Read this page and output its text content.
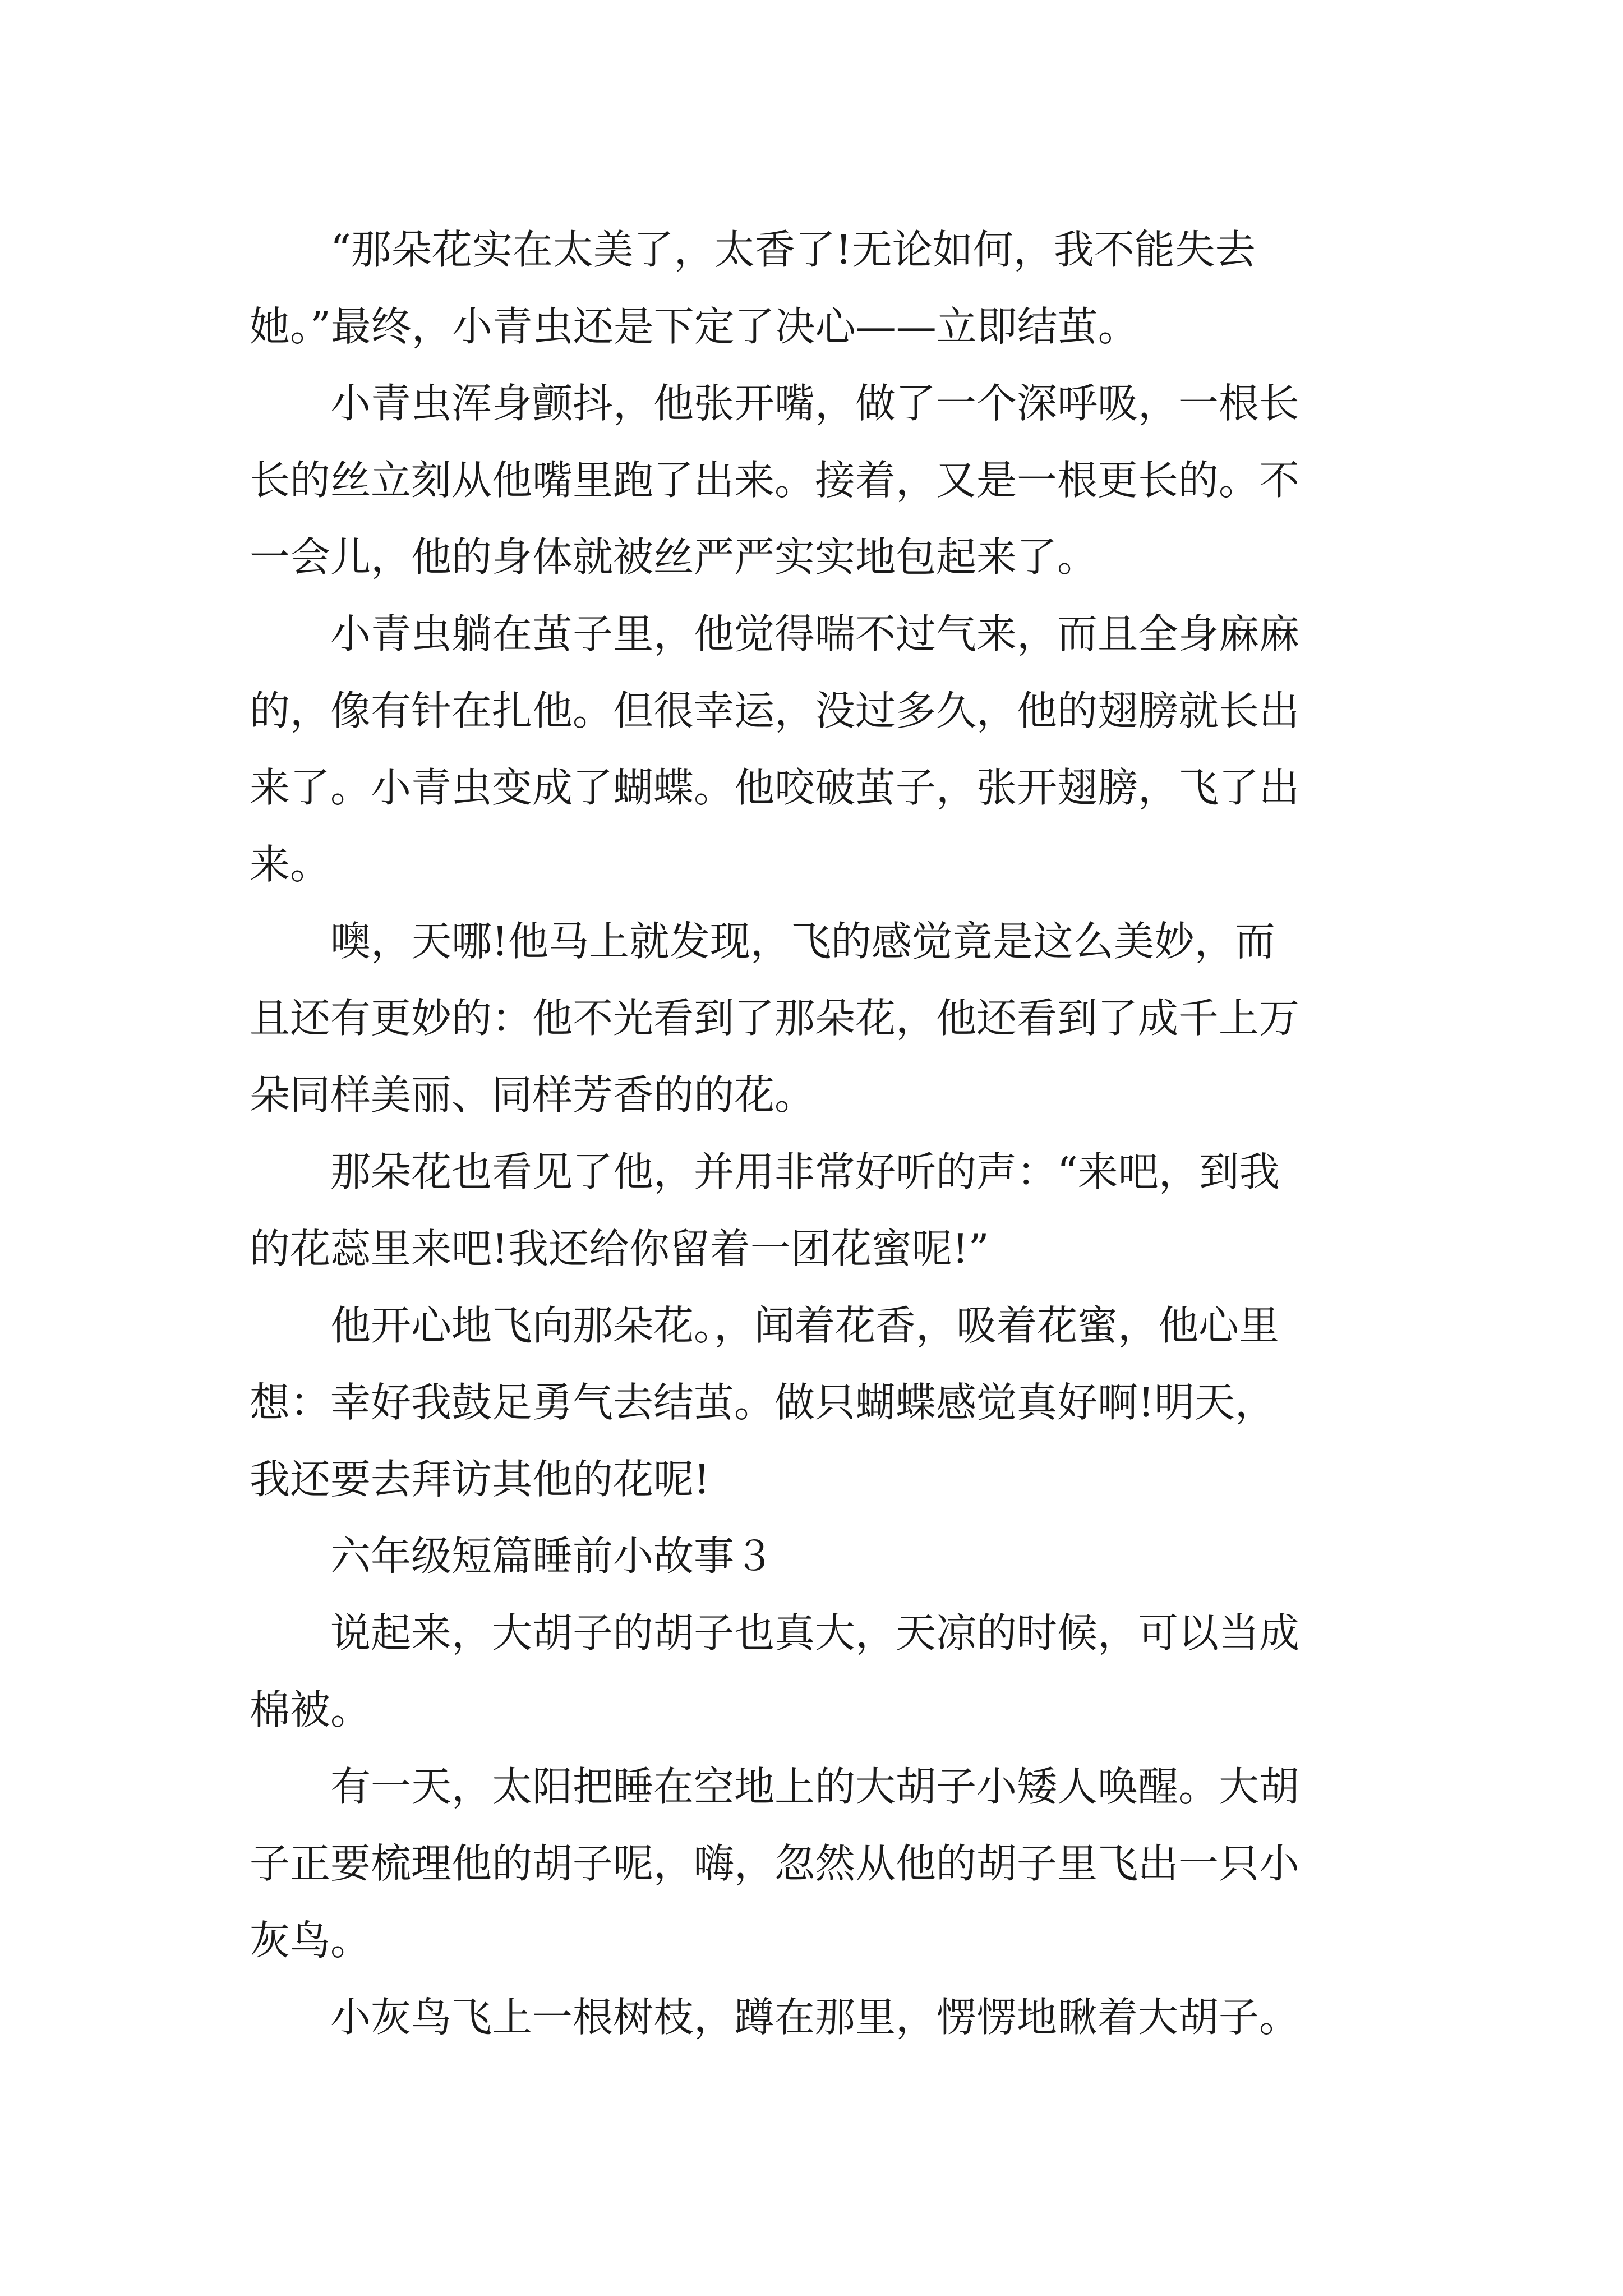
“那朵花实在太美了，太香了!无论如何，我不能失去
她。”最终，小青虫还是下定了决心——立即结茧。

小青虫浑身颤抖，他张开嘴，做了一个深呼吸，一根长
长的丝立刻从他嘴里跑了出来。接着，又是一根更长的。不
一会儿，他的身体就被丝严严实实地包起来了。

小青虫躺在茧子里，他觉得喘不过气来，而且全身麻麻
的，像有针在扎他。但很幸运，没过多久，他的翅膀就长出
来了。小青虫变成了蝴蝶。他咬破茧子，张开翅膀，飞了出
来。

噢，天哪!他马上就发现，飞的感觉竟是这么美妙，而
且还有更妙的：他不光看到了那朵花，他还看到了成千上万
朵同样美丽、同样芳香的的花。

那朵花也看见了他，并用非常好听的声：“来吧，到我
的花蕊里来吧!我还给你留着一团花蜜呢!”

他开心地飞向那朵花。，闻着花香，吸着花蜜，他心里
想：幸好我鼓足勇气去结茧。做只蝴蝶感觉真好啊!明天，
我还要去拜访其他的花呢!

六年级短篇睡前小故事３

说起来，大胡子的胡子也真大，天凉的时候，可以当成
棉被。

有一天，太阳把睡在空地上的大胡子小矮人唤醒。大胡
子正要梳理他的胡子呢，嗨，忽然从他的胡子里飞出一只小
灰鸟。

小灰鸟飞上一根树枝，蹲在那里，愣愣地瞅着大胡子。
